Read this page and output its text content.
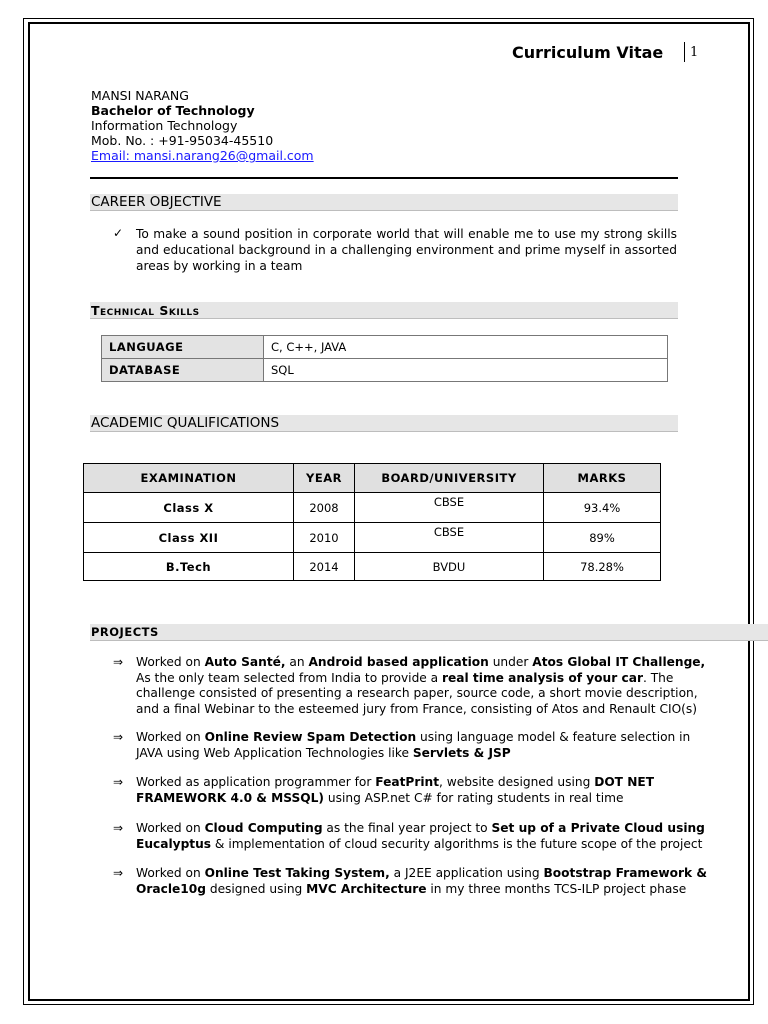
Curriculum Vitae 1
MANSI NARANG
Bachelor of Technology
Information Technology
Mob. No. : +91-95034-45510
Email: mansi.narang26@gmail.com
CAREER OBJECTIVE
✓ To make a sound position in corporate world that will enable me to use my strong skills and educational background in a challenging environment and prime myself in assorted areas by working in a team
Technical Skills
LANGUAGE	C, C++, JAVA
DATABASE	SQL
ACADEMIC QUALIFICATIONS
EXAMINATION	YEAR	BOARD/UNIVERSITY	MARKS
Class X	2008	CBSE	93.4%
Class XII	2010	CBSE	89%
B.Tech	2014	BVDU	78.28%
PROJECTS
⇒ Worked on Auto Santé, an Android based application under Atos Global IT Challenge, As the only team selected from India to provide a real time analysis of your car. The challenge consisted of presenting a research paper, source code, a short movie description, and a final Webinar to the esteemed jury from France, consisting of Atos and Renault CIO(s)
⇒ Worked on Online Review Spam Detection using language model & feature selection in JAVA using Web Application Technologies like Servlets & JSP
⇒ Worked as application programmer for FeatPrint, website designed using DOT NET FRAMEWORK 4.0 & MSSQL) using ASP.net C# for rating students in real time
⇒ Worked on Cloud Computing as the final year project to Set up of a Private Cloud using Eucalyptus & implementation of cloud security algorithms is the future scope of the project
⇒ Worked on Online Test Taking System, a J2EE application using Bootstrap Framework & Oracle10g designed using MVC Architecture in my three months TCS-ILP project phase
